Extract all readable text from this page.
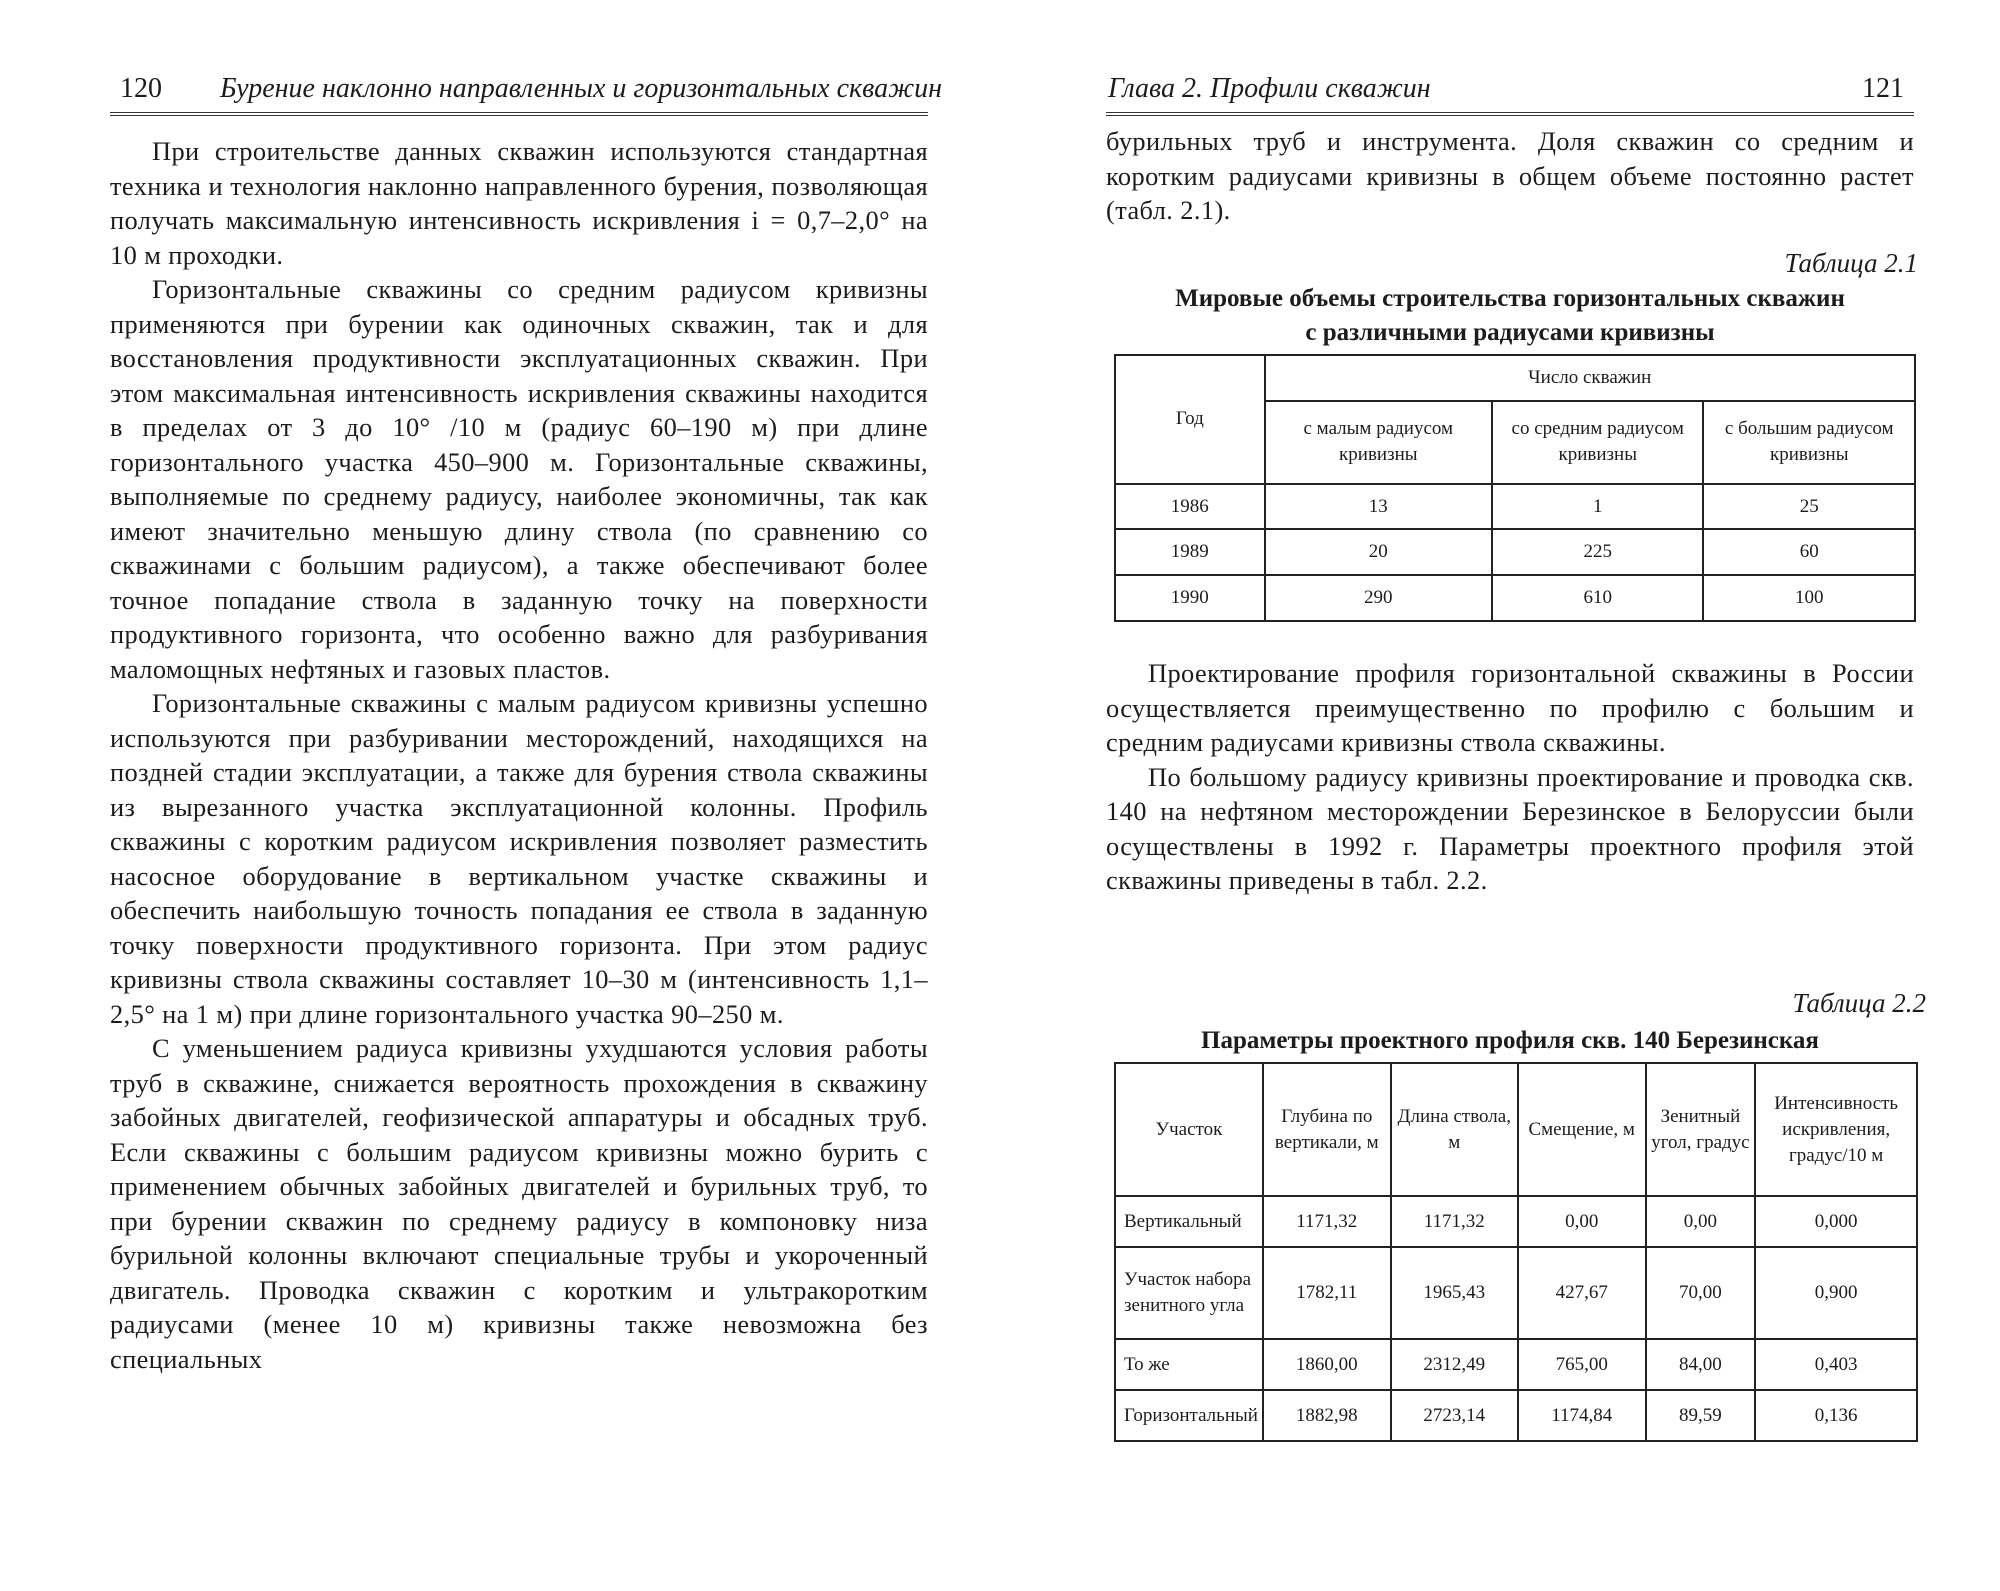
120 Бурение наклонно направленных и горизонтальных скважин

При строительстве данных скважин используются стандартная техника и технология наклонно направленного бурения, позволяющая получать максимальную интенсивность искривления i = 0,7–2,0° на 10 м проходки.

Горизонтальные скважины со средним радиусом кривизны применяются при бурении как одиночных скважин, так и для восстановления продуктивности эксплуатационных скважин. При этом максимальная интенсивность искривления скважины находится в пределах от 3 до 10° /10 м (радиус 60–190 м) при длине горизонтального участка 450–900 м. Горизонтальные скважины, выполняемые по среднему радиусу, наиболее экономичны, так как имеют значительно меньшую длину ствола (по сравнению со скважинами с большим радиусом), а также обеспечивают более точное попадание ствола в заданную точку на поверхности продуктивного горизонта, что особенно важно для разбуривания маломощных нефтяных и газовых пластов.

Горизонтальные скважины с малым радиусом кривизны успешно используются при разбуривании месторождений, находящихся на поздней стадии эксплуатации, а также для бурения ствола скважины из вырезанного участка эксплуатационной колонны. Профиль скважины с коротким радиусом искривления позволяет разместить насосное оборудование в вертикальном участке скважины и обеспечить наибольшую точность попадания ее ствола в заданную точку поверхности продуктивного горизонта. При этом радиус кривизны ствола скважины составляет 10–30 м (интенсивность 1,1–2,5° на 1 м) при длине горизонтального участка 90–250 м.

С уменьшением радиуса кривизны ухудшаются условия работы труб в скважине, снижается вероятность прохождения в скважину забойных двигателей, геофизической аппаратуры и обсадных труб. Если скважины с большим радиусом кривизны можно бурить с применением обычных забойных двигателей и бурильных труб, то при бурении скважин по среднему радиусу в компоновку низа бурильной колонны включают специальные трубы и укороченный двигатель. Проводка скважин с коротким и ультракоротким радиусами (менее 10 м) кривизны также невозможна без специальных

Глава 2. Профили скважин	121

бурильных труб и инструмента. Доля скважин со средним и коротким радиусами кривизны в общем объеме постоянно растет (табл. 2.1).

Таблица 2.1
Мировые объемы строительства горизонтальных скважин
с различными радиусами кривизны
Год	Число скважин		
	с малым радиусом кривизны	со средним радиусом кривизны	с большим радиусом кривизны
1986	13	1	25
1989	20	225	60
1990	290	610	100

Проектирование профиля горизонтальной скважины в России осуществляется преимущественно по профилю с большим и средним радиусами кривизны ствола скважины.

По большому радиусу кривизны проектирование и проводка скв. 140 на нефтяном месторождении Березинское в Белоруссии были осуществлены в 1992 г. Параметры проектного профиля этой скважины приведены в табл. 2.2.

Таблица 2.2
Параметры проектного профиля скв. 140 Березинская
Участок	Глубина по вертикали, м	Длина ствола, м	Смещение, м	Зенитный угол, градус	Интенсивность искривления, градус/10 м
Вертикальный	1171,32	1171,32	0,00	0,00	0,000
Участок набора зенитного угла	1782,11	1965,43	427,67	70,00	0,900
То же	1860,00	2312,49	765,00	84,00	0,403
Горизонтальный	1882,98	2723,14	1174,84	89,59	0,136
